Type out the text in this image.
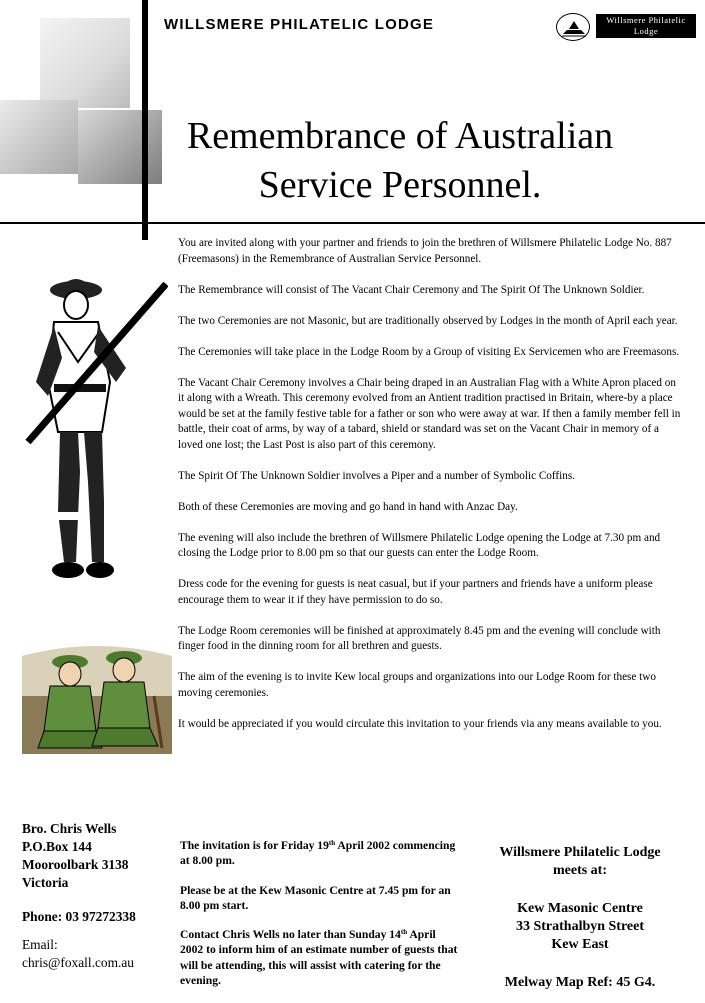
WILLSMERE PHILATELIC LODGE	Willsmere Philatelic
Lodge
Remembrance of Australian
Service Personnel.

You are invited along with your partner and friends to join the brethren of Willsmere Philatelic Lodge No. 887 (Freemasons) in the Remembrance of Australian Service Personnel.

The Remembrance will consist of The Vacant Chair Ceremony and The Spirit Of The Unknown Soldier.

The two Ceremonies are not Masonic, but are traditionally observed by Lodges in the month of April each year.

The Ceremonies will take place in the Lodge Room by a Group of visiting Ex Servicemen who are Freemasons.

The Vacant Chair Ceremony involves a Chair being draped in an Australian Flag with a White Apron placed on it along with a Wreath. This ceremony evolved from an Antient tradition practised in Britain, where-by a place would be set at the family festive table for a father or son who were away at war. If then a family member fell in battle, their coat of arms, by way of a tabard, shield or standard was set on the Vacant Chair in memory of a loved one lost; the Last Post is also part of this ceremony.

The Spirit Of The Unknown Soldier involves a Piper and a number of Symbolic Coffins.

Both of these Ceremonies are moving and go hand in hand with Anzac Day.

The evening will also include the brethren of Willsmere Philatelic Lodge opening the Lodge at 7.30 pm and closing the Lodge prior to 8.00 pm so that our guests can enter the Lodge Room.

Dress code for the evening for guests is neat casual, but if your partners and friends have a uniform please encourage them to wear it if they have permission to do so.

The Lodge Room ceremonies will be finished at approximately 8.45 pm and the evening will conclude with finger food in the dinning room for all brethren and guests.

The aim of the evening is to invite Kew local groups and organizations into our Lodge Room for these two moving ceremonies.

It would be appreciated if you would circulate this invitation to your friends via any means available to you.

The invitation is for Friday 19th April 2002 commencing at 8.00 pm.

Please be at the Kew Masonic Centre at 7.45 pm for an 8.00 pm start.

Contact Chris Wells no later than Sunday 14th April 2002 to inform him of an estimate number of guests that will be attending, this will assist with catering for the evening.

Bro. Chris Wells
P.O.Box 144
Mooroolbark 3138
Victoria
Phone: 03 97272338
Email:
chris@foxall.com.au
Willsmere Philatelic Lodge
meets at:
Kew Masonic Centre
33 Strathalbyn Street
Kew East
Melway Map Ref: 45 G4.
